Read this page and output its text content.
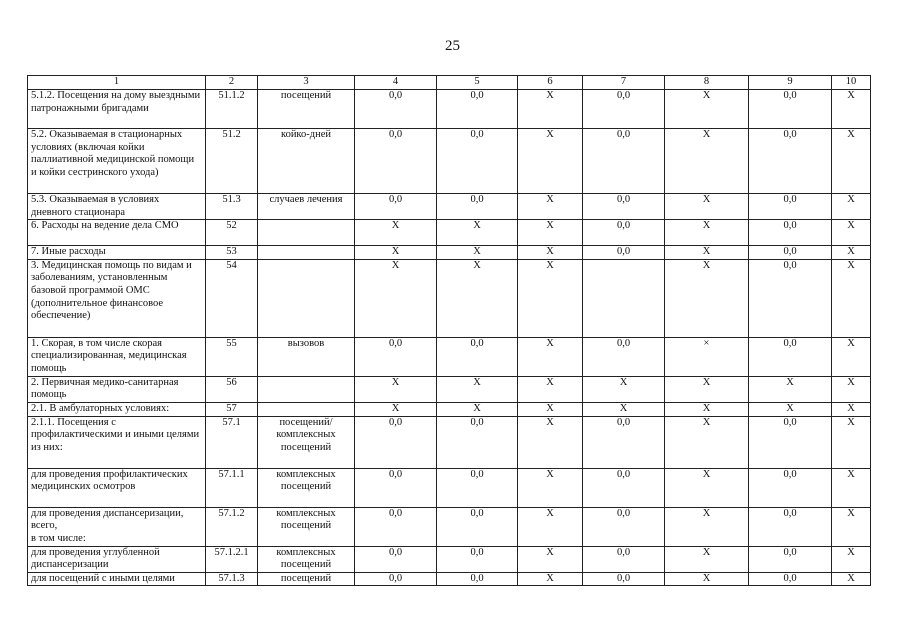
25
1	2	3	4	5	6	7	8	9	10
5.1.2. Посещения на дому выездными патронажными бригадами	51.1.2	посещений	0,0	0,0	Х	0,0	Х	0,0	Х
5.2. Оказываемая в стационарных условиях (включая койки паллиативной медицинской помощи и койки сестринского ухода)	51.2	койко-дней	0,0	0,0	Х	0,0	Х	0,0	Х
5.3. Оказываемая в условиях дневного стационара	51.3	случаев лечения	0,0	0,0	Х	0,0	Х	0,0	Х
6. Расходы на ведение дела СМО	52		Х	Х	Х	0,0	Х	0,0	Х
7. Иные расходы	53		Х	Х	Х	0,0	Х	0,0	Х
3. Медицинская помощь по видам и заболеваниям, установленным базовой программой ОМС (дополнительное финансовое обеспечение)	54		Х	Х	Х		Х	0,0	Х
1. Скорая, в том числе скорая специализированная, медицинская помощь	55	вызовов	0,0	0,0	Х	0,0	×	0,0	Х
2. Первичная медико-санитарная помощь	56		Х	Х	Х	Х	Х	Х	Х
2.1. В амбулаторных условиях:	57		Х	Х	Х	Х	Х	Х	Х
2.1.1. Посещения с профилактическими и иными целями
из них:	57.1	посещений/ комплексных посещений	0,0	0,0	Х	0,0	Х	0,0	Х
для проведения профилактических медицинских осмотров	57.1.1	комплексных посещений	0,0	0,0	Х	0,0	Х	0,0	Х
для проведения диспансеризации, всего,
в том числе:	57.1.2	комплексных посещений	0,0	0,0	Х	0,0	Х	0,0	Х
для проведения углубленной диспансеризации	57.1.2.1	комплексных посещений	0,0	0,0	Х	0,0	Х	0,0	Х
для посещений с иными целями	57.1.3	посещений	0,0	0,0	Х	0,0	Х	0,0	Х
